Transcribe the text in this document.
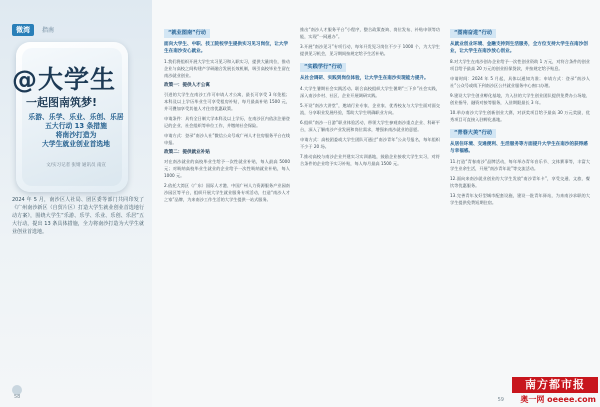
微湾	指南
@大学生
一起图南筑梦!
乐游、乐学、乐业、乐创、乐居
五大行动 13 条措施
将南沙打造为
大学生就业创业首选地
文/实习记者 张婧 通讯员 南宣
2024 年 5 月，南沙区人社局、团区委等部门共同印发了《广州南沙新区（自贸片区）打造大学生就业创业首选地行动方案》，围绕大学生“乐游、乐学、乐业、乐创、乐居”五大行动，提出 13 条具体措施，全力将南沙打造为大学生就业创业首选地。
58
“就业图南”行动
面向大学生、中职、技工院校学生提供实习见习岗位，让大学生在南沙安心就业。
1.我们将组织开展大学生实习见习和入职实习，提供大量岗位，推动企业与高校之间构建产学研融合发展长效机制，吸引高校毕业生留在南沙就业创业。
政策一：提供人才公寓
引进的大学生在南沙工作可申请人才公寓，最长可享受 3 年免租；本科及以上学历毕业生可享受租房补贴，每月最高补贴 1500 元，并可叠加享受其他人才住房优惠政策。
申请条件：具有全日制大学本科及以上学历，在南沙区内依法注册登记的企业、社会组织等单位工作，并缴纳社会保险。
申请方式：登录“南沙人社”微信公众号或广州人才住房服务平台在线申报。
政策二：提供就业补贴
对在南沙就业的高校毕业生给予一次性就业补贴，每人最高 5000 元；对吸纳高校毕业生就业的企业给予一次性吸纳就业补贴，每人 1000 元。
2.依托大湾区（广东）国际人才港、中国广州人力资源服务产业园南沙园区等平台，组织开展大学生就业服务专项活动，打造“南沙人才之家”品牌，为来南沙工作生活的大学生提供一站式服务。
推出“南沙人才服务平台”小程序，整合政策查询、岗位发布、补贴申领等功能，实现“一网通办”。
3.开展“南沙见习”专项行动，每年开发见习岗位不少于 1000 个，为大学生提供见习机会，见习期间按规定给予生活补贴。
“实践学行”行动
从社会调研、实践到岗位体验，让大学生在南沙实现能力提升。
4.大学生暑期社会实践活动。联合高校组织大学生暑期“三下乡”社会实践，深入南沙乡村、社区、企业开展调研实践。
5.开设“南沙大讲堂”，邀请行业专家、企业家、优秀校友与大学生面对面交流，分享职业发展经验，帮助大学生明确职业方向。
6.组织“南沙一日游”职业体验活动，带领大学生参观南沙重点企业、科研平台，深入了解南沙产业发展和岗位需求，增强来南沙就业的意愿。
申请方式：高校团委或大学生团队可通过“南沙青年”公众号报名，每年组织不少于 20 场。
7.推动高校与南沙企业共建实习实训基地，鼓励企业接收大学生实习，对符合条件的企业给予实习补贴，每人每月最高 1500 元。
“图南奋进”行动
从就业创业环境、金融支持到生活服务，全方位支持大学生在南沙创业，让大学生在南沙放心创业。
8.对大学生在南沙创办企业给予一次性创业资助 1 万元，对符合条件的创业项目给予最高 20 万元的创业担保贷款，并按规定给予贴息。
申请时间：2024 年 5 月起，具体以通知为准；申请方式：登录“南沙人社”公众号或线下到南沙区公共就业服务中心窗口办理。
9.建设大学生创业孵化基地，为入驻的大学生创业团队提供免费办公场地、创业指导、融资对接等服务，入驻期限最长 3 年。
10.举办南沙大学生创新创业大赛，对获奖项目给予最高 30 万元奖励，优秀项目可直接入驻孵化基地。
“青春大美”行动
从居住环境、交通便利、生活服务等方面提升大学生在南沙的获得感与幸福感。
11.打造“青春南沙”品牌活动，每年举办青年音乐节、文体赛事等，丰富大学生业余生活，开展“南沙青年说”等交流活动。
12.面向来南沙就业创业的大学生发放“南沙青年卡”，享受交通、文旅、餐饮等优惠服务。
13.完善青年友好型城市配套设施，建设一批青年驿站，为来南沙求职的大学生提供免费短期住宿。
59
南方都市报
奥一网 oeeee.com
